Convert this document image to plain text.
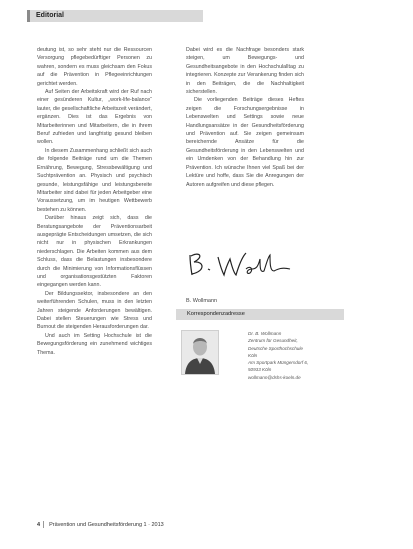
Editorial

deutung ist, so sehr steht nur die Ressourcen Versorgung pflegebedürftiger Personen zu wahren, sondern es muss gleichsam den Fokus auf die Prävention in Pflegeeinrichtungen gerichtet werden.

Auf Seiten der Arbeitskraft wird der Ruf nach einer gesünderen Kultur, „work-life-balance“ lauter, die gesellschaftliche Arbeitszeit verändert, ergänzen. Dies ist das Ergebnis von Mitarbeiterinnen und Mitarbeitern, die in ihrem Beruf zufrieden und langfristig gesund bleiben wollen.

In diesem Zusammenhang schließt sich auch die folgende Beiträge rund um die Themen Ernährung, Bewegung, Stressbewältigung und Suchtprävention an. Physisch und psychisch gesunde, leistungsfähige und leistungsbereite Mitarbeiter sind dabei für jeden Arbeitgeber eine Voraussetzung, um im heutigen Wettbewerb bestehen zu können.

Darüber hinaus zeigt sich, dass die Beratungsangebote der Präventionsarbeit ausgeprägte Entscheidungen umsetzen, die sich nicht nur in physischen Erkrankungen niederschlagen. Die Arbeiten kommen aus dem Schluss, dass die Belastungen insbesondere durch die Minimierung von Informationsflüssen und organisationsgestützten Faktoren eingegangen werden kann.

Der Bildungssektor, insbesondere an den weiterführenden Schulen, muss in den letzten Jahren steigende Anforderungen bewältigen. Dabei stellen Steuerungen wie Stress und Burnout die steigenden Herausforderungen dar.

Und auch im Setting Hochschule ist die Bewegungsförderung ein zunehmend wichtiges Thema.

Dabei wird es die Nachfrage besonders stark steigen, um Bewegungs- und Gesundheitsangebote in den Hochschulalltag zu integrieren. Konzepte zur Verankerung finden sich in den Beiträgen, die die Nachhaltigkeit sicherstellen.

Die vorliegenden Beiträge dieses Heftes zeigen die Forschungsergebnisse in Lebenswelten und Settings sowie neue Handlungsansätze in der Gesundheitsförderung und Prävention auf. Sie zeigen gemeinsam bereichernde Ansätze für die Gesundheitsförderung in den Lebenswelten und ein Umdenken von der Behandlung hin zur Prävention. Ich wünsche Ihnen viel Spaß bei der Lektüre und hoffe, dass Sie die Anregungen der Autoren aufgreifen und diese pflegen.

B. Wollmann
Korrespondenzadresse
Dr. B. Wollmann
Zentrum für Gesundheit,
Deutsche Sporthochschule
Köln
Am Sportpark Müngersdorf 6,
50933 Köln
wollmann@dshs-koeln.de
4 Prävention und Gesundheitsförderung 1 · 2013
